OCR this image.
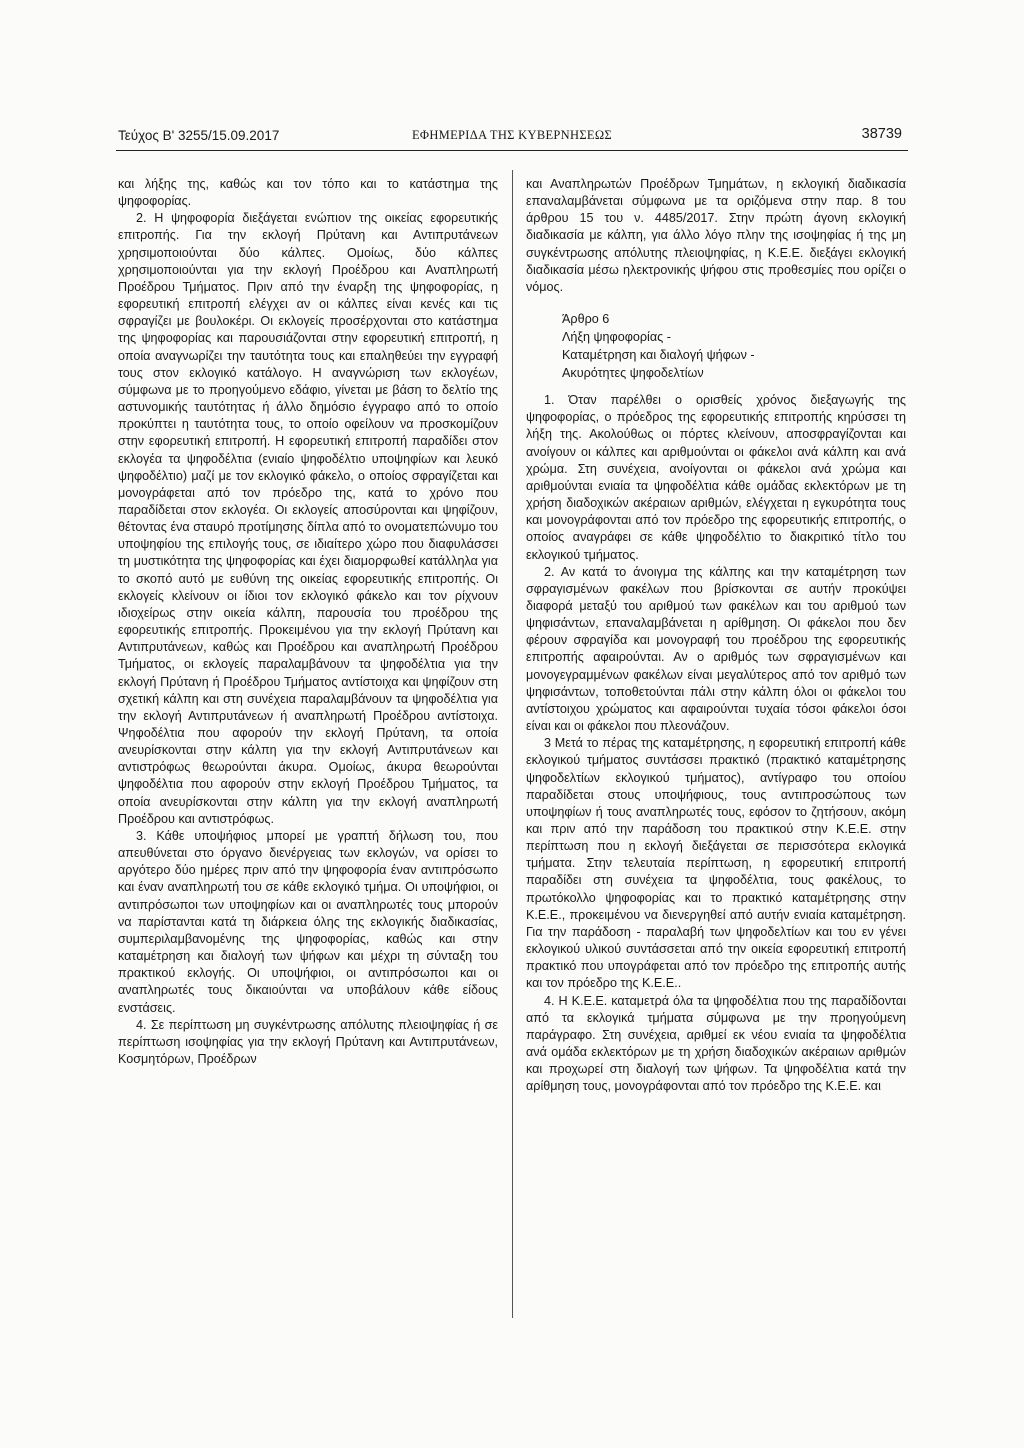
Τεύχος Β' 3255/15.09.2017	ΕΦΗΜΕΡΙΔΑ ΤΗΣ ΚΥΒΕΡΝΗΣΕΩΣ	38739

και λήξης της, καθώς και τον τόπο και το κατάστημα της ψηφοφορίας.

2. Η ψηφοφορία διεξάγεται ενώπιον της οικείας εφορευτικής επιτροπής. Για την εκλογή Πρύτανη και Αντιπρυτάνεων χρησιμοποιούνται δύο κάλπες. Ομοίως, δύο κάλπες χρησιμοποιούνται για την εκλογή Προέδρου και Αναπληρωτή Προέδρου Τμήματος. Πριν από την έναρξη της ψηφοφορίας, η εφορευτική επιτροπή ελέγχει αν οι κάλπες είναι κενές και τις σφραγίζει με βουλοκέρι. Οι εκλογείς προσέρχονται στο κατάστημα της ψηφοφορίας και παρουσιάζονται στην εφορευτική επιτροπή, η οποία αναγνωρίζει την ταυτότητα τους και επαληθεύει την εγγραφή τους στον εκλογικό κατάλογο. Η αναγνώριση των εκλογέων, σύμφωνα με το προηγούμενο εδάφιο, γίνεται με βάση το δελτίο της αστυνομικής ταυτότητας ή άλλο δημόσιο έγγραφο από το οποίο προκύπτει η ταυτότητα τους, το οποίο οφείλουν να προσκομίζουν στην εφορευτική επιτροπή. Η εφορευτική επιτροπή παραδίδει στον εκλογέα τα ψηφοδέλτια (ενιαίο ψηφοδέλτιο υποψηφίων και λευκό ψηφοδέλτιο) μαζί με τον εκλογικό φάκελο, ο οποίος σφραγίζεται και μονογράφεται από τον πρόεδρο της, κατά το χρόνο που παραδίδεται στον εκλογέα. Οι εκλογείς αποσύρονται και ψηφίζουν, θέτοντας ένα σταυρό προτίμησης δίπλα από το ονοματεπώνυμο του υποψηφίου της επιλογής τους, σε ιδιαίτερο χώρο που διαφυλάσσει τη μυστικότητα της ψηφοφορίας και έχει διαμορφωθεί κατάλληλα για το σκοπό αυτό με ευθύνη της οικείας εφορευτικής επιτροπής. Οι εκλογείς κλείνουν οι ίδιοι τον εκλογικό φάκελο και τον ρίχνουν ιδιοχείρως στην οικεία κάλπη, παρουσία του προέδρου της εφορευτικής επιτροπής. Προκειμένου για την εκλογή Πρύτανη και Αντιπρυτάνεων, καθώς και Προέδρου και αναπληρωτή Προέδρου Τμήματος, οι εκλογείς παραλαμβάνουν τα ψηφοδέλτια για την εκλογή Πρύτανη ή Προέδρου Τμήματος αντίστοιχα και ψηφίζουν στη σχετική κάλπη και στη συνέχεια παραλαμβάνουν τα ψηφοδέλτια για την εκλογή Αντιπρυτάνεων ή αναπληρωτή Προέδρου αντίστοιχα. Ψηφοδέλτια που αφορούν την εκλογή Πρύτανη, τα οποία ανευρίσκονται στην κάλπη για την εκλογή Αντιπρυτάνεων και αντιστρόφως θεωρούνται άκυρα. Ομοίως, άκυρα θεωρούνται ψηφοδέλτια που αφορούν στην εκλογή Προέδρου Τμήματος, τα οποία ανευρίσκονται στην κάλπη για την εκλογή αναπληρωτή Προέδρου και αντιστρόφως.

3. Κάθε υποψήφιος μπορεί με γραπτή δήλωση του, που απευθύνεται στο όργανο διενέργειας των εκλογών, να ορίσει το αργότερο δύο ημέρες πριν από την ψηφοφορία έναν αντιπρόσωπο και έναν αναπληρωτή του σε κάθε εκλογικό τμήμα. Οι υποψήφιοι, οι αντιπρόσωποι των υποψηφίων και οι αναπληρωτές τους μπορούν να παρίστανται κατά τη διάρκεια όλης της εκλογικής διαδικασίας, συμπεριλαμβανομένης της ψηφοφορίας, καθώς και στην καταμέτρηση και διαλογή των ψήφων και μέχρι τη σύνταξη του πρακτικού εκλογής. Οι υποψήφιοι, οι αντιπρόσωποι και οι αναπληρωτές τους δικαιούνται να υποβάλουν κάθε είδους ενστάσεις.

4. Σε περίπτωση μη συγκέντρωσης απόλυτης πλειοψηφίας ή σε περίπτωση ισοψηφίας για την εκλογή Πρύτανη και Αντιπρυτάνεων, Κοσμητόρων, Προέδρων

και Αναπληρωτών Προέδρων Τμημάτων, η εκλογική διαδικασία επαναλαμβάνεται σύμφωνα με τα οριζόμενα στην παρ. 8 του άρθρου 15 του ν. 4485/2017. Στην πρώτη άγονη εκλογική διαδικασία με κάλπη, για άλλο λόγο πλην της ισοψηφίας ή της μη συγκέντρωσης απόλυτης πλειοψηφίας, η Κ.Ε.Ε. διεξάγει εκλογική διαδικασία μέσω ηλεκτρονικής ψήφου στις προθεσμίες που ορίζει ο νόμος.

Άρθρο 6
Λήξη ψηφοφορίας -
Καταμέτρηση και διαλογή ψήφων -
Ακυρότητες ψηφοδελτίων

1. Όταν παρέλθει ο ορισθείς χρόνος διεξαγωγής της ψηφοφορίας, ο πρόεδρος της εφορευτικής επιτροπής κηρύσσει τη λήξη της. Ακολούθως οι πόρτες κλείνουν, αποσφραγίζονται και ανοίγουν οι κάλπες και αριθμούνται οι φάκελοι ανά κάλπη και ανά χρώμα. Στη συνέχεια, ανοίγονται οι φάκελοι ανά χρώμα και αριθμούνται ενιαία τα ψηφοδέλτια κάθε ομάδας εκλεκτόρων με τη χρήση διαδοχικών ακέραιων αριθμών, ελέγχεται η εγκυρότητα τους και μονογράφονται από τον πρόεδρο της εφορευτικής επιτροπής, ο οποίος αναγράφει σε κάθε ψηφοδέλτιο το διακριτικό τίτλο του εκλογικού τμήματος.

2. Αν κατά το άνοιγμα της κάλπης και την καταμέτρηση των σφραγισμένων φακέλων που βρίσκονται σε αυτήν προκύψει διαφορά μεταξύ του αριθμού των φακέλων και του αριθμού των ψηφισάντων, επαναλαμβάνεται η αρίθμηση. Οι φάκελοι που δεν φέρουν σφραγίδα και μονογραφή του προέδρου της εφορευτικής επιτροπής αφαιρούνται. Αν ο αριθμός των σφραγισμένων και μονογεγραμμένων φακέλων είναι μεγαλύτερος από τον αριθμό των ψηφισάντων, τοποθετούνται πάλι στην κάλπη όλοι οι φάκελοι του αντίστοιχου χρώματος και αφαιρούνται τυχαία τόσοι φάκελοι όσοι είναι και οι φάκελοι που πλεονάζουν.

3 Μετά το πέρας της καταμέτρησης, η εφορευτική επιτροπή κάθε εκλογικού τμήματος συντάσσει πρακτικό (πρακτικό καταμέτρησης ψηφοδελτίων εκλογικού τμήματος), αντίγραφο του οποίου παραδίδεται στους υποψήφιους, τους αντιπροσώπους των υποψηφίων ή τους αναπληρωτές τους, εφόσον το ζητήσουν, ακόμη και πριν από την παράδοση του πρακτικού στην Κ.Ε.Ε. στην περίπτωση που η εκλογή διεξάγεται σε περισσότερα εκλογικά τμήματα. Στην τελευταία περίπτωση, η εφορευτική επιτροπή παραδίδει στη συνέχεια τα ψηφοδέλτια, τους φακέλους, το πρωτόκολλο ψηφοφορίας και το πρακτικό καταμέτρησης στην Κ.Ε.Ε., προκειμένου να διενεργηθεί από αυτήν ενιαία καταμέτρηση. Για την παράδοση - παραλαβή των ψηφοδελτίων και του εν γένει εκλογικού υλικού συντάσσεται από την οικεία εφορευτική επιτροπή πρακτικό που υπογράφεται από τον πρόεδρο της επιτροπής αυτής και τον πρόεδρο της Κ.Ε.Ε..

4. Η Κ.Ε.Ε. καταμετρά όλα τα ψηφοδέλτια που της παραδίδονται από τα εκλογικά τμήματα σύμφωνα με την προηγούμενη παράγραφο. Στη συνέχεια, αριθμεί εκ νέου ενιαία τα ψηφοδέλτια ανά ομάδα εκλεκτόρων με τη χρήση διαδοχικών ακέραιων αριθμών και προχωρεί στη διαλογή των ψήφων. Τα ψηφοδέλτια κατά την αρίθμηση τους, μονογράφονται από τον πρόεδρο της Κ.Ε.Ε. και
